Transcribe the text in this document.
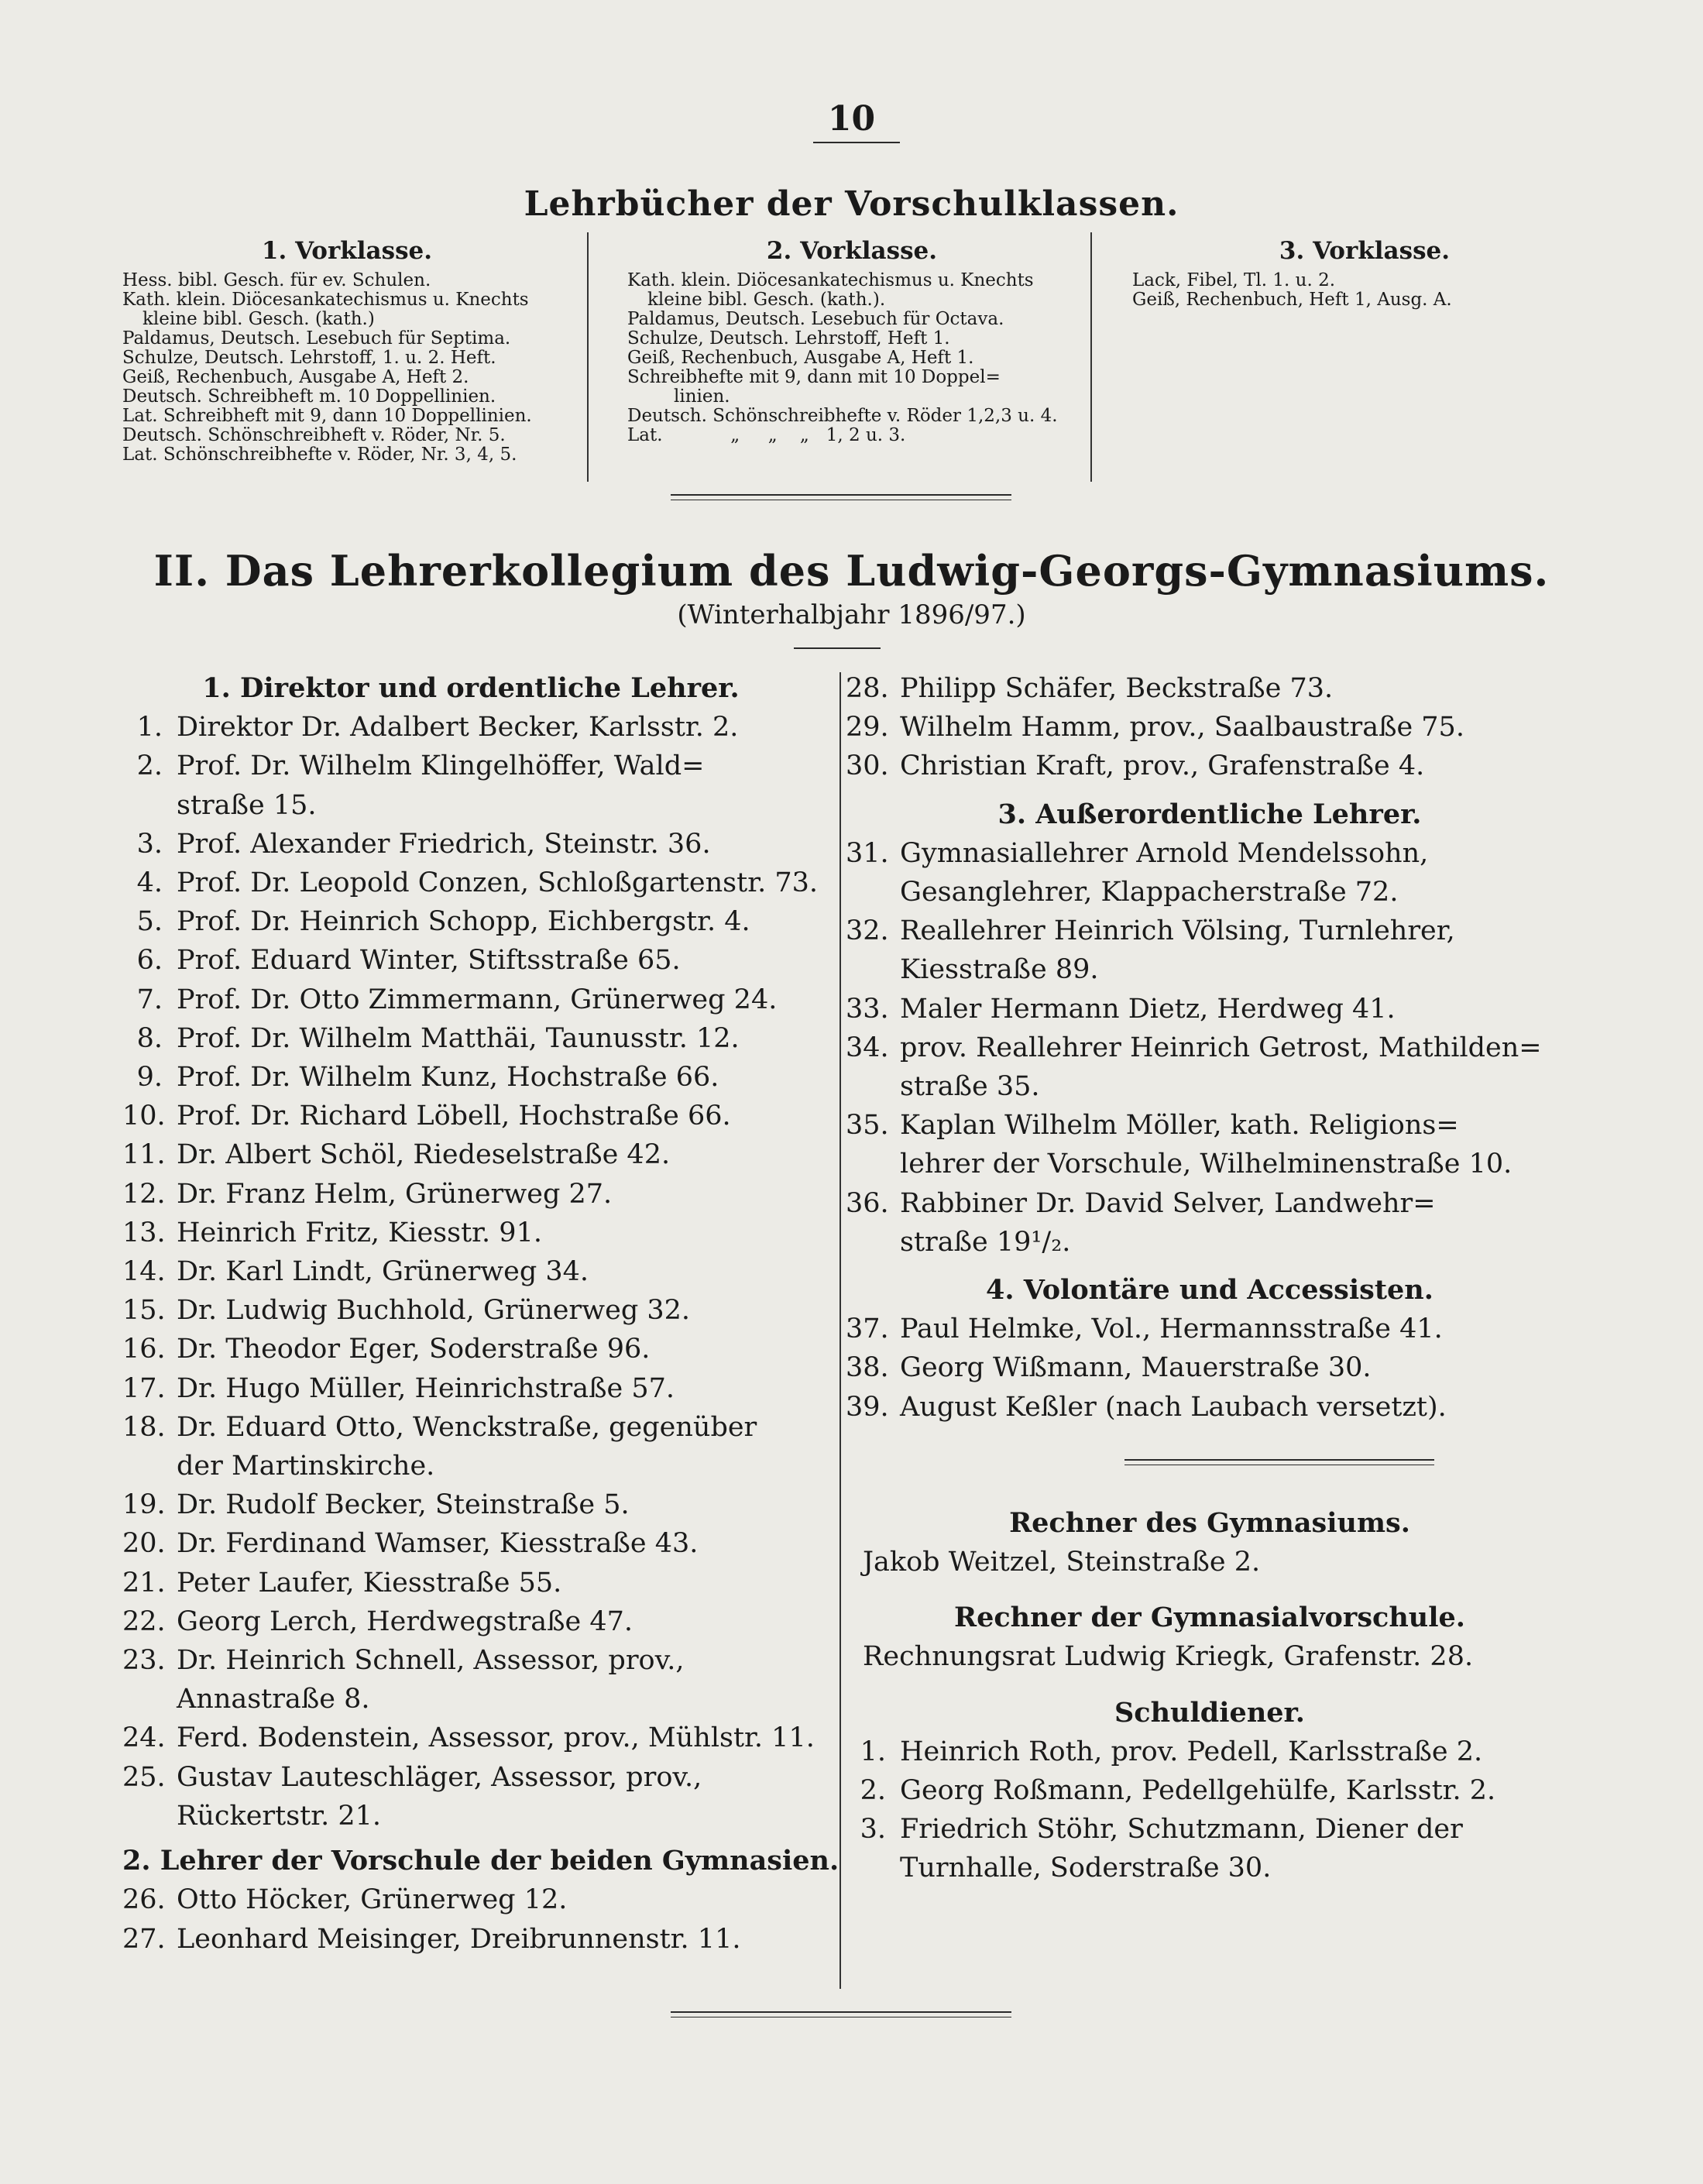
10
Lehrbücher der Vorschulklassen.
1. Vorklasse.
Hess. bibl. Gesch. für ev. Schulen.
Kath. klein. Diöcesankatechismus u. Knechts
kleine bibl. Gesch. (kath.)
Paldamus, Deutsch. Lesebuch für Septima.
Schulze, Deutsch. Lehrstoff, 1. u. 2. Heft.
Geiß, Rechenbuch, Ausgabe A, Heft 2.
Deutsch. Schreibheft m. 10 Doppellinien.
Lat. Schreibheft mit 9, dann 10 Doppellinien.
Deutsch. Schönschreibheft v. Röder, Nr. 5.
Lat. Schönschreibhefte v. Röder, Nr. 3, 4, 5.
2. Vorklasse.
Kath. klein. Diöcesankatechismus u. Knechts
kleine bibl. Gesch. (kath.).
Paldamus, Deutsch. Lesebuch für Octava.
Schulze, Deutsch. Lehrstoff, Heft 1.
Geiß, Rechenbuch, Ausgabe A, Heft 1.
Schreibhefte mit 9, dann mit 10 Doppel=
linien.
Deutsch. Schönschreibhefte v. Röder 1,2,3 u. 4.
Lat.            „     „    „   1, 2 u. 3.
3. Vorklasse.
Lack, Fibel, Tl. 1. u. 2.
Geiß, Rechenbuch, Heft 1, Ausg. A.
II. Das Lehrerkollegium des Ludwig-Georgs-Gymnasiums.
(Winterhalbjahr 1896/97.)
1. Direktor und ordentliche Lehrer.
1. Direktor Dr. Adalbert Becker, Karlsstr. 2.
2. Prof. Dr. Wilhelm Klingelhöffer, Wald=
straße 15.
3. Prof. Alexander Friedrich, Steinstr. 36.
4. Prof. Dr. Leopold Conzen, Schloßgartenstr. 73.
5. Prof. Dr. Heinrich Schopp, Eichbergstr. 4.
6. Prof. Eduard Winter, Stiftsstraße 65.
7. Prof. Dr. Otto Zimmermann, Grünerweg 24.
8. Prof. Dr. Wilhelm Matthäi, Taunusstr. 12.
9. Prof. Dr. Wilhelm Kunz, Hochstraße 66.
10. Prof. Dr. Richard Löbell, Hochstraße 66.
11. Dr. Albert Schöl, Riedeselstraße 42.
12. Dr. Franz Helm, Grünerweg 27.
13. Heinrich Fritz, Kiesstr. 91.
14. Dr. Karl Lindt, Grünerweg 34.
15. Dr. Ludwig Buchhold, Grünerweg 32.
16. Dr. Theodor Eger, Soderstraße 96.
17. Dr. Hugo Müller, Heinrichstraße 57.
18. Dr. Eduard Otto, Wenckstraße, gegenüber
der Martinskirche.
19. Dr. Rudolf Becker, Steinstraße 5.
20. Dr. Ferdinand Wamser, Kiesstraße 43.
21. Peter Laufer, Kiesstraße 55.
22. Georg Lerch, Herdwegstraße 47.
23. Dr. Heinrich Schnell, Assessor, prov.,
Annastraße 8.
24. Ferd. Bodenstein, Assessor, prov., Mühlstr. 11.
25. Gustav Lauteschläger, Assessor, prov.,
Rückertstr. 21.
2. Lehrer der Vorschule der beiden Gymnasien.
26. Otto Höcker, Grünerweg 12.
27. Leonhard Meisinger, Dreibrunnenstr. 11.
28. Philipp Schäfer, Beckstraße 73.
29. Wilhelm Hamm, prov., Saalbaustraße 75.
30. Christian Kraft, prov., Grafenstraße 4.
3. Außerordentliche Lehrer.
31. Gymnasiallehrer Arnold Mendelssohn,
Gesanglehrer, Klappacherstraße 72.
32. Reallehrer Heinrich Völsing, Turnlehrer,
Kiesstraße 89.
33. Maler Hermann Dietz, Herdweg 41.
34. prov. Reallehrer Heinrich Getrost, Mathilden=
straße 35.
35. Kaplan Wilhelm Möller, kath. Religions=
lehrer der Vorschule, Wilhelminenstraße 10.
36. Rabbiner Dr. David Selver, Landwehr=
straße 19¹/₂.
4. Volontäre und Accessisten.
37. Paul Helmke, Vol., Hermannsstraße 41.
38. Georg Wißmann, Mauerstraße 30.
39. August Keßler (nach Laubach versetzt).
Rechner des Gymnasiums.
Jakob Weitzel, Steinstraße 2.
Rechner der Gymnasialvorschule.
Rechnungsrat Ludwig Kriegk, Grafenstr. 28.
Schuldiener.
1. Heinrich Roth, prov. Pedell, Karlsstraße 2.
2. Georg Roßmann, Pedellgehülfe, Karlsstr. 2.
3. Friedrich Stöhr, Schutzmann, Diener der
Turnhalle, Soderstraße 30.
